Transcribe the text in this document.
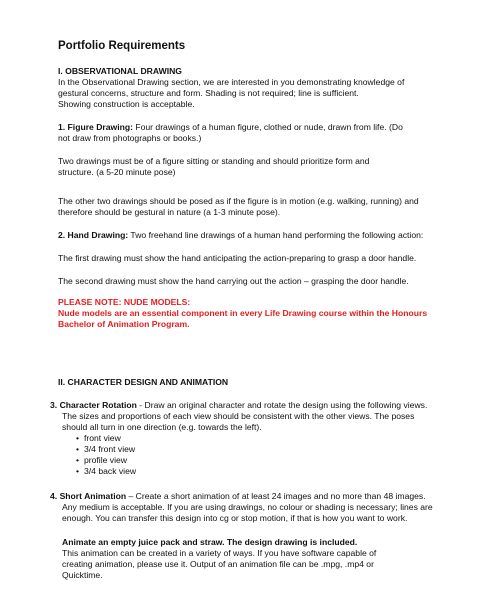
Portfolio Requirements
I. OBSERVATIONAL DRAWING
In the Observational Drawing section, we are interested in you demonstrating knowledge of
gestural concerns, structure and form. Shading is not required; line is sufficient.
Showing construction is acceptable.
1. Figure Drawing: Four drawings of a human figure, clothed or nude, drawn from life. (Do
not draw from photographs or books.)
Two drawings must be of a figure sitting or standing and should prioritize form and
structure. (a 5-20 minute pose)
The other two drawings should be posed as if the figure is in motion (e.g. walking, running) and
therefore should be gestural in nature (a 1-3 minute pose).
2. Hand Drawing: Two freehand line drawings of a human hand performing the following action:
The first drawing must show the hand anticipating the action-preparing to grasp a door handle.
The second drawing must show the hand carrying out the action – grasping the door handle.
PLEASE NOTE: NUDE MODELS:
Nude models are an essential component in every Life Drawing course within the Honours
Bachelor of Animation Program.
II. CHARACTER DESIGN AND ANIMATION
3. Character Rotation - Draw an original character and rotate the design using the following views.
The sizes and proportions of each view should be consistent with the other views. The poses
should all turn in one direction (e.g. towards the left).
• front view
• 3/4 front view
• profile view
• 3/4 back view
4. Short Animation – Create a short animation of at least 24 images and no more than 48 images.
Any medium is acceptable. If you are using drawings, no colour or shading is necessary; lines are
enough. You can transfer this design into cg or stop motion, if that is how you want to work.
Animate an empty juice pack and straw. The design drawing is included.
This animation can be created in a variety of ways. If you have software capable of
creating animation, please use it. Output of an animation file can be .mpg, .mp4 or
Quicktime.
